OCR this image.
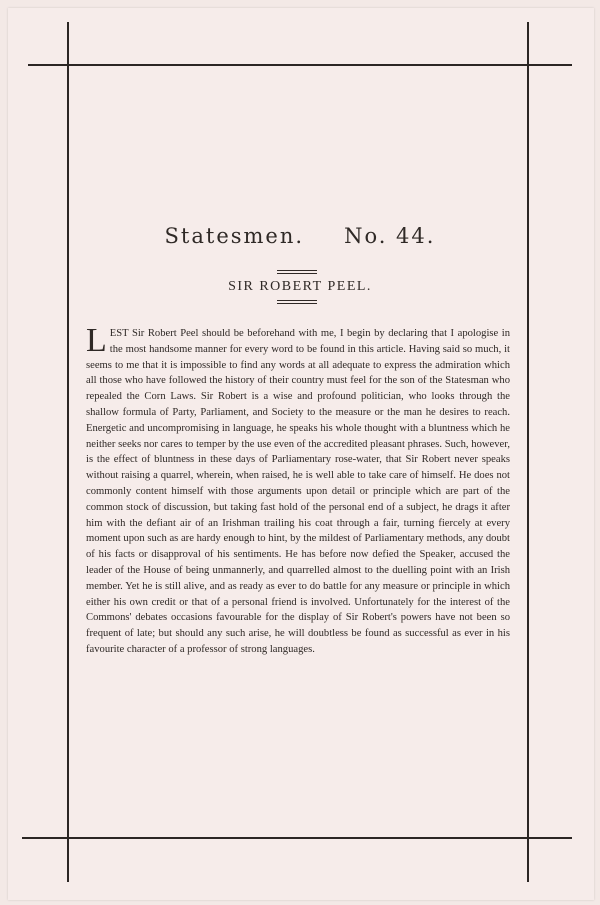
Statesmen. No. 44.
SIR ROBERT PEEL.
LEST Sir Robert Peel should be beforehand with me, I begin by declaring that I apologise in the most handsome manner for every word to be found in this article. Having said so much, it seems to me that it is impossible to find any words at all adequate to express the admiration which all those who have followed the history of their country must feel for the son of the Statesman who repealed the Corn Laws. Sir Robert is a wise and profound politician, who looks through the shallow formula of Party, Parliament, and Society to the measure or the man he desires to reach. Energetic and uncompromising in language, he speaks his whole thought with a bluntness which he neither seeks nor cares to temper by the use even of the accredited pleasant phrases. Such, however, is the effect of bluntness in these days of Parliamentary rose-water, that Sir Robert never speaks without raising a quarrel, wherein, when raised, he is well able to take care of himself. He does not commonly content himself with those arguments upon detail or principle which are part of the common stock of discussion, but taking fast hold of the personal end of a subject, he drags it after him with the defiant air of an Irishman trailing his coat through a fair, turning fiercely at every moment upon such as are hardy enough to hint, by the mildest of Parliamentary methods, any doubt of his facts or disapproval of his sentiments. He has before now defied the Speaker, accused the leader of the House of being unmannerly, and quarrelled almost to the duelling point with an Irish member. Yet he is still alive, and as ready as ever to do battle for any measure or principle in which either his own credit or that of a personal friend is involved. Unfortunately for the interest of the Commons' debates occasions favourable for the display of Sir Robert's powers have not been so frequent of late; but should any such arise, he will doubtless be found as successful as ever in his favourite character of a professor of strong languages.
